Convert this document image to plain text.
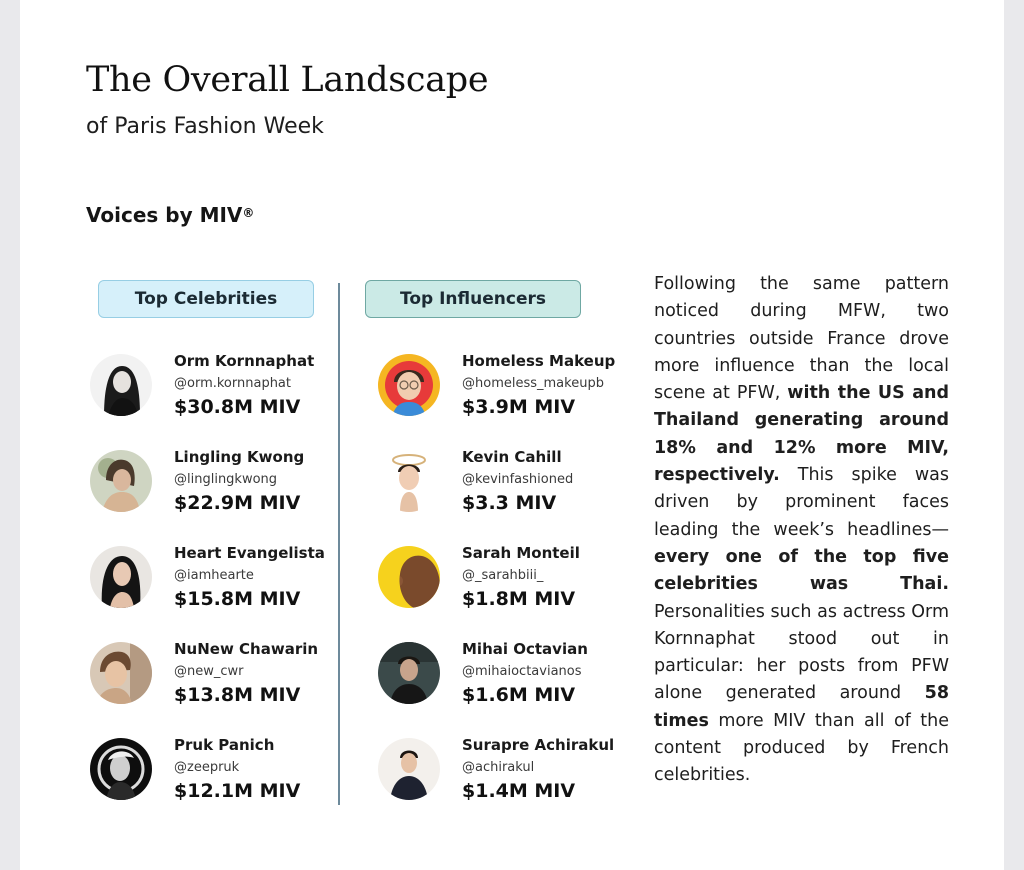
The Overall Landscape
of Paris Fashion Week
Voices by MIV®
Top Celebrities	Top Influencers
Orm Kornnaphat
@orm.kornnaphat
$30.8M MIV
Lingling Kwong
@linglingkwong
$22.9M MIV
Heart Evangelista
@iamhearte
$15.8M MIV
NuNew Chawarin
@new_cwr
$13.8M MIV
Pruk Panich
@zeepruk
$12.1M MIV
Homeless Makeup
@homeless_makeupb
$3.9M MIV
Kevin Cahill
@kevinfashioned
$3.3 MIV
Sarah Monteil
@_sarahbiii_
$1.8M MIV
Mihai Octavian
@mihaioctavianos
$1.6M MIV
Surapre Achirakul
@achirakul
$1.4M MIV
Following the same pattern noticed during MFW, two countries outside France drove more influence than the local scene at PFW, with the US and Thailand generating around 18% and 12% more MIV, respectively. This spike was driven by prominent faces leading the week’s headlines—every one of the top five celebrities was Thai. Personalities such as actress Orm Kornnaphat stood out in particular: her posts from PFW alone generated around 58 times more MIV than all of the content produced by French celebrities.
